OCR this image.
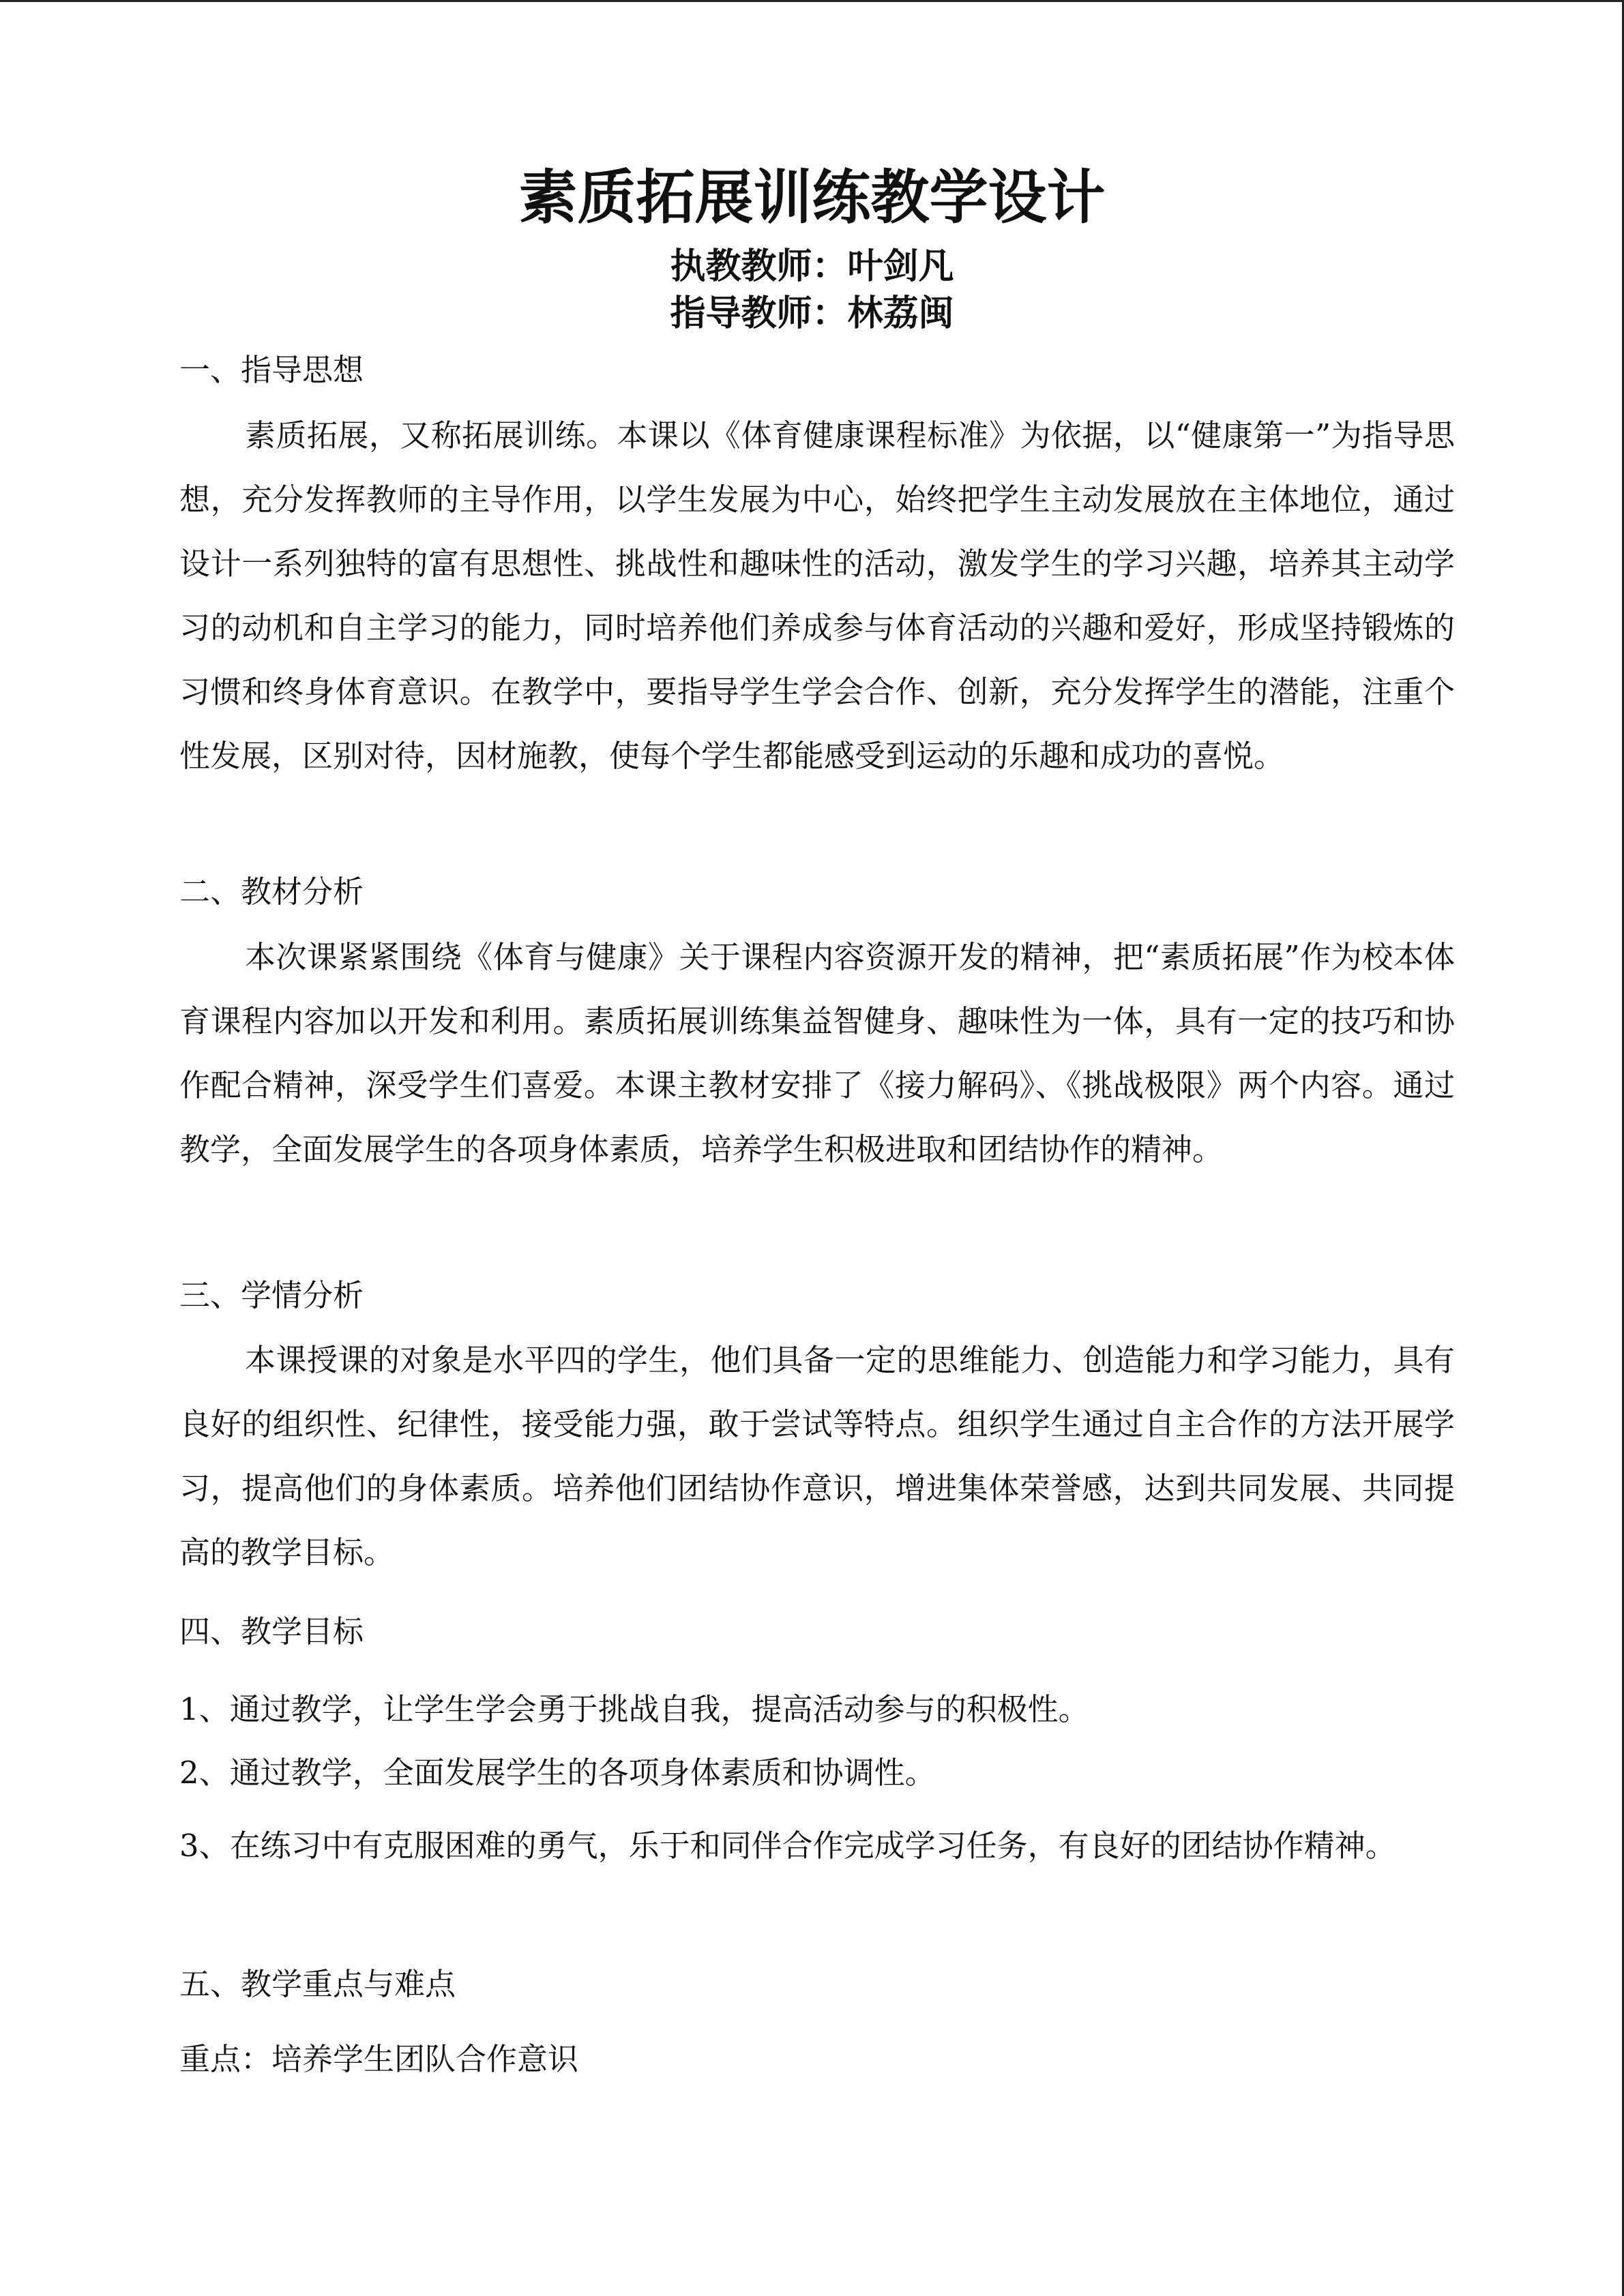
素质拓展训练教学设计
执教教师：叶剑凡
指导教师：林荔闽
一、指导思想
素质拓展，又称拓展训练。本课以《体育健康课程标准》为依据，以“健康第一”为指导思想，充分发挥教师的主导作用，以学生发展为中心，始终把学生主动发展放在主体地位，通过设计一系列独特的富有思想性、挑战性和趣味性的活动，激发学生的学习兴趣，培养其主动学习的动机和自主学习的能力，同时培养他们养成参与体育活动的兴趣和爱好，形成坚持锻炼的习惯和终身体育意识。在教学中，要指导学生学会合作、创新，充分发挥学生的潜能，注重个性发展，区别对待，因材施教，使每个学生都能感受到运动的乐趣和成功的喜悦。
二、教材分析
本次课紧紧围绕《体育与健康》关于课程内容资源开发的精神，把“素质拓展”作为校本体育课程内容加以开发和利用。素质拓展训练集益智健身、趣味性为一体，具有一定的技巧和协作配合精神，深受学生们喜爱。本课主教材安排了《接力解码》、《挑战极限》两个内容。通过教学，全面发展学生的各项身体素质，培养学生积极进取和团结协作的精神。
三、学情分析
本课授课的对象是水平四的学生，他们具备一定的思维能力、创造能力和学习能力，具有良好的组织性、纪律性，接受能力强，敢于尝试等特点。组织学生通过自主合作的方法开展学习，提高他们的身体素质。培养他们团结协作意识，增进集体荣誉感，达到共同发展、共同提高的教学目标。
四、教学目标
1、通过教学，让学生学会勇于挑战自我，提高活动参与的积极性。
2、通过教学，全面发展学生的各项身体素质和协调性。
3、在练习中有克服困难的勇气，乐于和同伴合作完成学习任务，有良好的团结协作精神。
五、教学重点与难点
重点：培养学生团队合作意识
